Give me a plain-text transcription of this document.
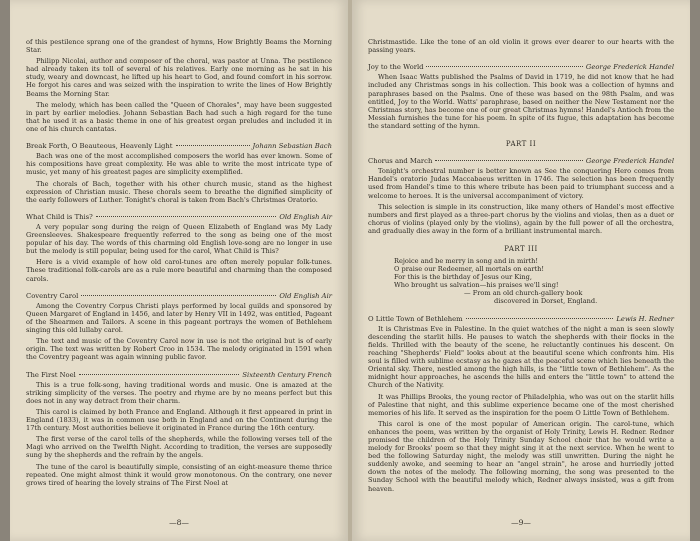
of this pestilence sprang one of the grandest of hymns, How Brightly Beams the Morning Star.

Philipp Nicolai, author and composer of the choral, was pastor at Unna. The pestilence had already taken its toll of several of his relatives. Early one morning as he sat in his study, weary and downcast, he lifted up his heart to God, and found comfort in his sorrow. He forgot his cares and was seized with the inspiration to write the lines of How Brightly Beams the Morning Star.

The melody, which has been called the "Queen of Chorales", may have been suggested in part by earlier melodies. Johann Sebastian Bach had such a high regard for the tune that he used it as a basic theme in one of his greatest organ preludes and included it in one of his church cantatas.

Break Forth, O Beauteous, Heavenly Light	Johann Sebastian Bach

Bach was one of the most accomplished composers the world has ever known. Some of his compositions have great complexity. He was able to write the most intricate type of music, yet many of his greatest pages are simplicity exemplified.

The chorals of Bach, together with his other church music, stand as the highest expression of Christian music. These chorals seem to breathe the dignified simplicity of the early followers of Luther. Tonight's choral is taken from Bach's Christmas Oratorio.

What Child is This?	Old English Air

A very popular song during the reign of Queen Elizabeth of England was My Lady Greensleeves. Shakespeare frequently referred to the song as being one of the most popular of his day. The words of this charming old English love-song are no longer in use but the melody is still popular, being used for the carol, What Child is This?

Here is a vivid example of how old carol-tunes are often merely popular folk-tunes. These traditional folk-carols are as a rule more beautiful and charming than the composed carols.

Coventry Carol	Old English Air

Among the Coventry Corpus Christi plays performed by local guilds and sponsored by Queen Margaret of England in 1456, and later by Henry VII in 1492, was entitled, Pageant of the Shearmen and Tailors. A scene in this pageant portrays the women of Bethlehem singing this old lullaby carol.

The text and music of the Coventry Carol now in use is not the original but is of early origin. The text was written by Robert Croo in 1534. The melody originated in 1591 when the Coventry pageant was again winning public favor.

The First Noel	Sixteenth Century French

This is a true folk-song, having traditional words and music. One is amazed at the striking simplicity of the verses. The poetry and rhyme are by no means perfect but this does not in any way detract from their charm.

This carol is claimed by both France and England. Although it first appeared in print in England (1833), it was in common use both in England and on the Continent during the 17th century. Most authorities believe it originated in France during the 16th century.

The first verse of the carol tells of the shepherds, while the following verses tell of the Magi who arrived on the Twelfth Night. According to tradition, the verses are supposedly sung by the shepherds and the refrain by the angels.

The tune of the carol is beautifully simple, consisting of an eight-measure theme thrice repeated. One might almost think it would grow monotonous. On the contrary, one never grows tired of hearing the lovely strains of The First Noel at

—8—

Christmastide. Like the tone of an old violin it grows ever dearer to our hearts with the passing years.

Joy to the World	George Frederick Handel

When Isaac Watts published the Psalms of David in 1719, he did not know that he had included any Christmas songs in his collection. This book was a collection of hymns and paraphrases based on the Psalms. One of these was based on the 98th Psalm, and was entitled, Joy to the World. Watts' paraphrase, based on neither the New Testament nor the Christmas story, has become one of our great Christmas hymns! Handel's Antioch from the Messiah furnishes the tune for his poem. In spite of its fugue, this adaptation has become the standard setting of the hymn.

PART II
Chorus and March	George Frederick Handel

Tonight's orchestral number is better known as See the conquering Hero comes from Handel's oratorio Judas Maccabaeus written in 1746. The selection has been frequently used from Handel's time to this where tribute has been paid to triumphant success and a welcome to heroes. It is the universal accompaniment of victory.

This selection is simple in its construction, like many others of Handel's most effective numbers and first played as a three-part chorus by the violins and violas, then as a duet or chorus of violins (played only by the violins), again by the full power of all the orchestra, and gradually dies away in the form of a brilliant instrumental march.

PART III
Rejoice and be merry in song and in mirth!
O praise our Redeemer, all mortals on earth!
For this is the birthday of Jesus our King,
Who brought us salvation—his praises we'll sing!
— From an old church-gallery book
discovered in Dorset, England.
O Little Town of Bethlehem	Lewis H. Redner

It is Christmas Eve in Palestine. In the quiet watches of the night a man is seen slowly descending the starlit hills. He pauses to watch the shepherds with their flocks in the fields. Thrilled with the beauty of the scene, he reluctantly continues his descent. On reaching "Shepherds' Field" looks about at the beautiful scene which confronts him. His soul is filled with sublime ecstasy as he gazes at the peaceful scene which lies beneath the Oriental sky. There, nestled among the high hills, is the "little town of Bethlehem". As the midnight hour approaches, he ascends the hills and enters the "little town" to attend the Church of the Nativity.

It was Phillips Brooks, the young rector of Philadelphia, who was out on the starlit hills of Palestine that night, and this sublime experience became one of the most cherished memories of his life. It served as the inspiration for the poem O Little Town of Bethlehem.

This carol is one of the most popular of American origin. The carol-tune, which enhances the poem, was written by the organist of Holy Trinity, Lewis H. Redner. Redner promised the children of the Holy Trinity Sunday School choir that he would write a melody for Brooks' poem so that they might sing it at the next service. When he went to bed the following Saturday night, the melody was still unwritten. During the night he suddenly awoke, and seeming to hear an "angel strain", he arose and hurriedly jotted down the notes of the melody. The following morning, the song was presented to the Sunday School with the beautiful melody which, Redner always insisted, was a gift from heaven.

—9—
